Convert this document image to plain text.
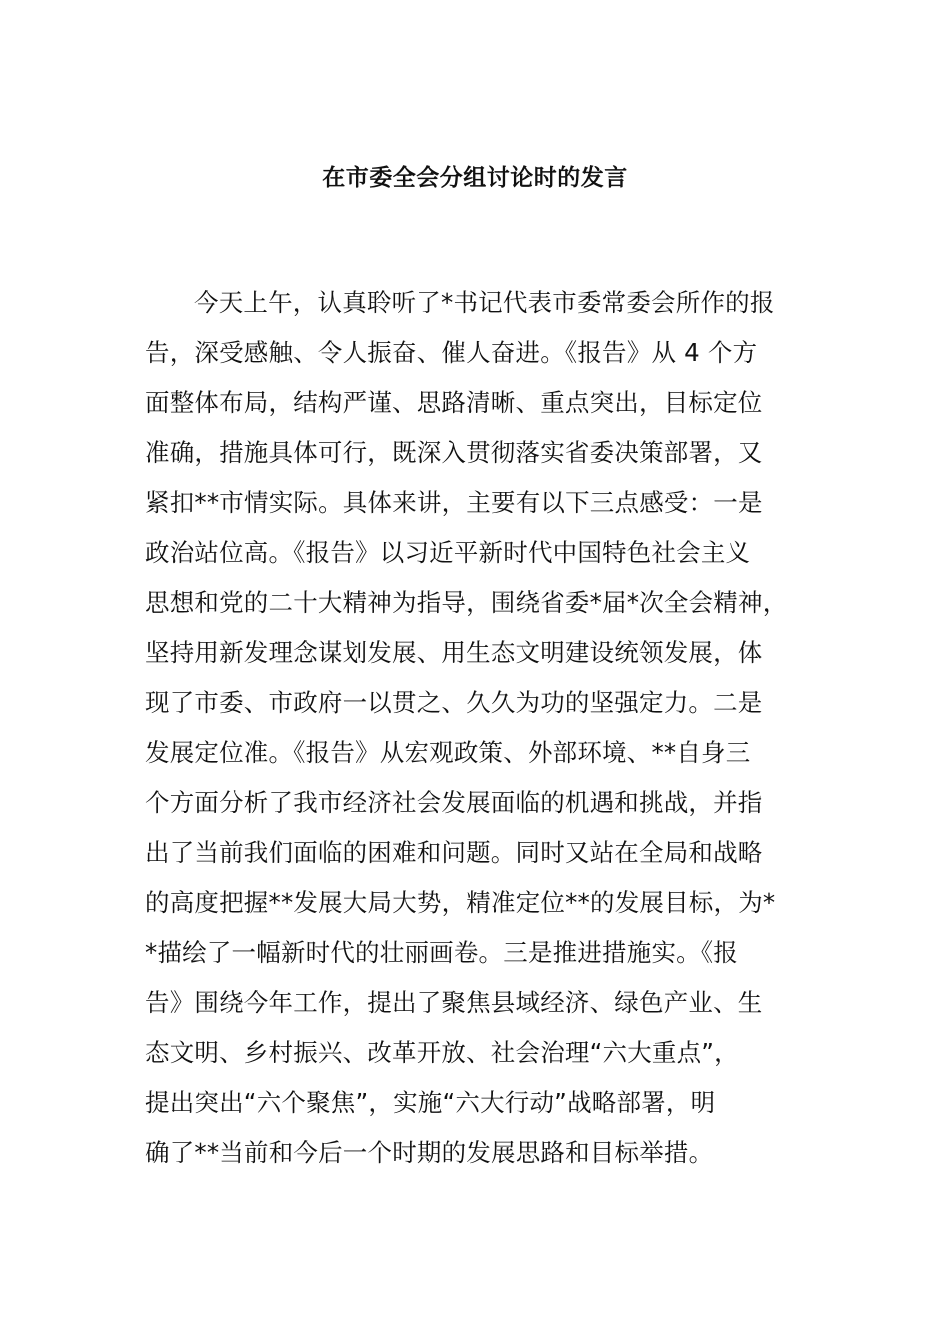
在市委全会分组讨论时的发言
今天上午，认真聆听了*书记代表市委常委会所作的报
告，深受感触、令人振奋、催人奋进。《报告》从 4 个方
面整体布局，结构严谨、思路清晰、重点突出，目标定位
准确，措施具体可行，既深入贯彻落实省委决策部署，又
紧扣**市情实际。具体来讲，主要有以下三点感受：一是
政治站位高。《报告》以习近平新时代中国特色社会主义
思想和党的二十大精神为指导，围绕省委*届*次全会精神，
坚持用新发理念谋划发展、用生态文明建设统领发展，体
现了市委、市政府一以贯之、久久为功的坚强定力。二是
发展定位准。《报告》从宏观政策、外部环境、**自身三
个方面分析了我市经济社会发展面临的机遇和挑战，并指
出了当前我们面临的困难和问题。同时又站在全局和战略
的高度把握**发展大局大势，精准定位**的发展目标，为*
*描绘了一幅新时代的壮丽画卷。三是推进措施实。《报
告》围绕今年工作，提出了聚焦县域经济、绿色产业、生
态文明、乡村振兴、改革开放、社会治理“六大重点”，
提出突出“六个聚焦”，实施“六大行动”战略部署，明
确了**当前和今后一个时期的发展思路和目标举措。
